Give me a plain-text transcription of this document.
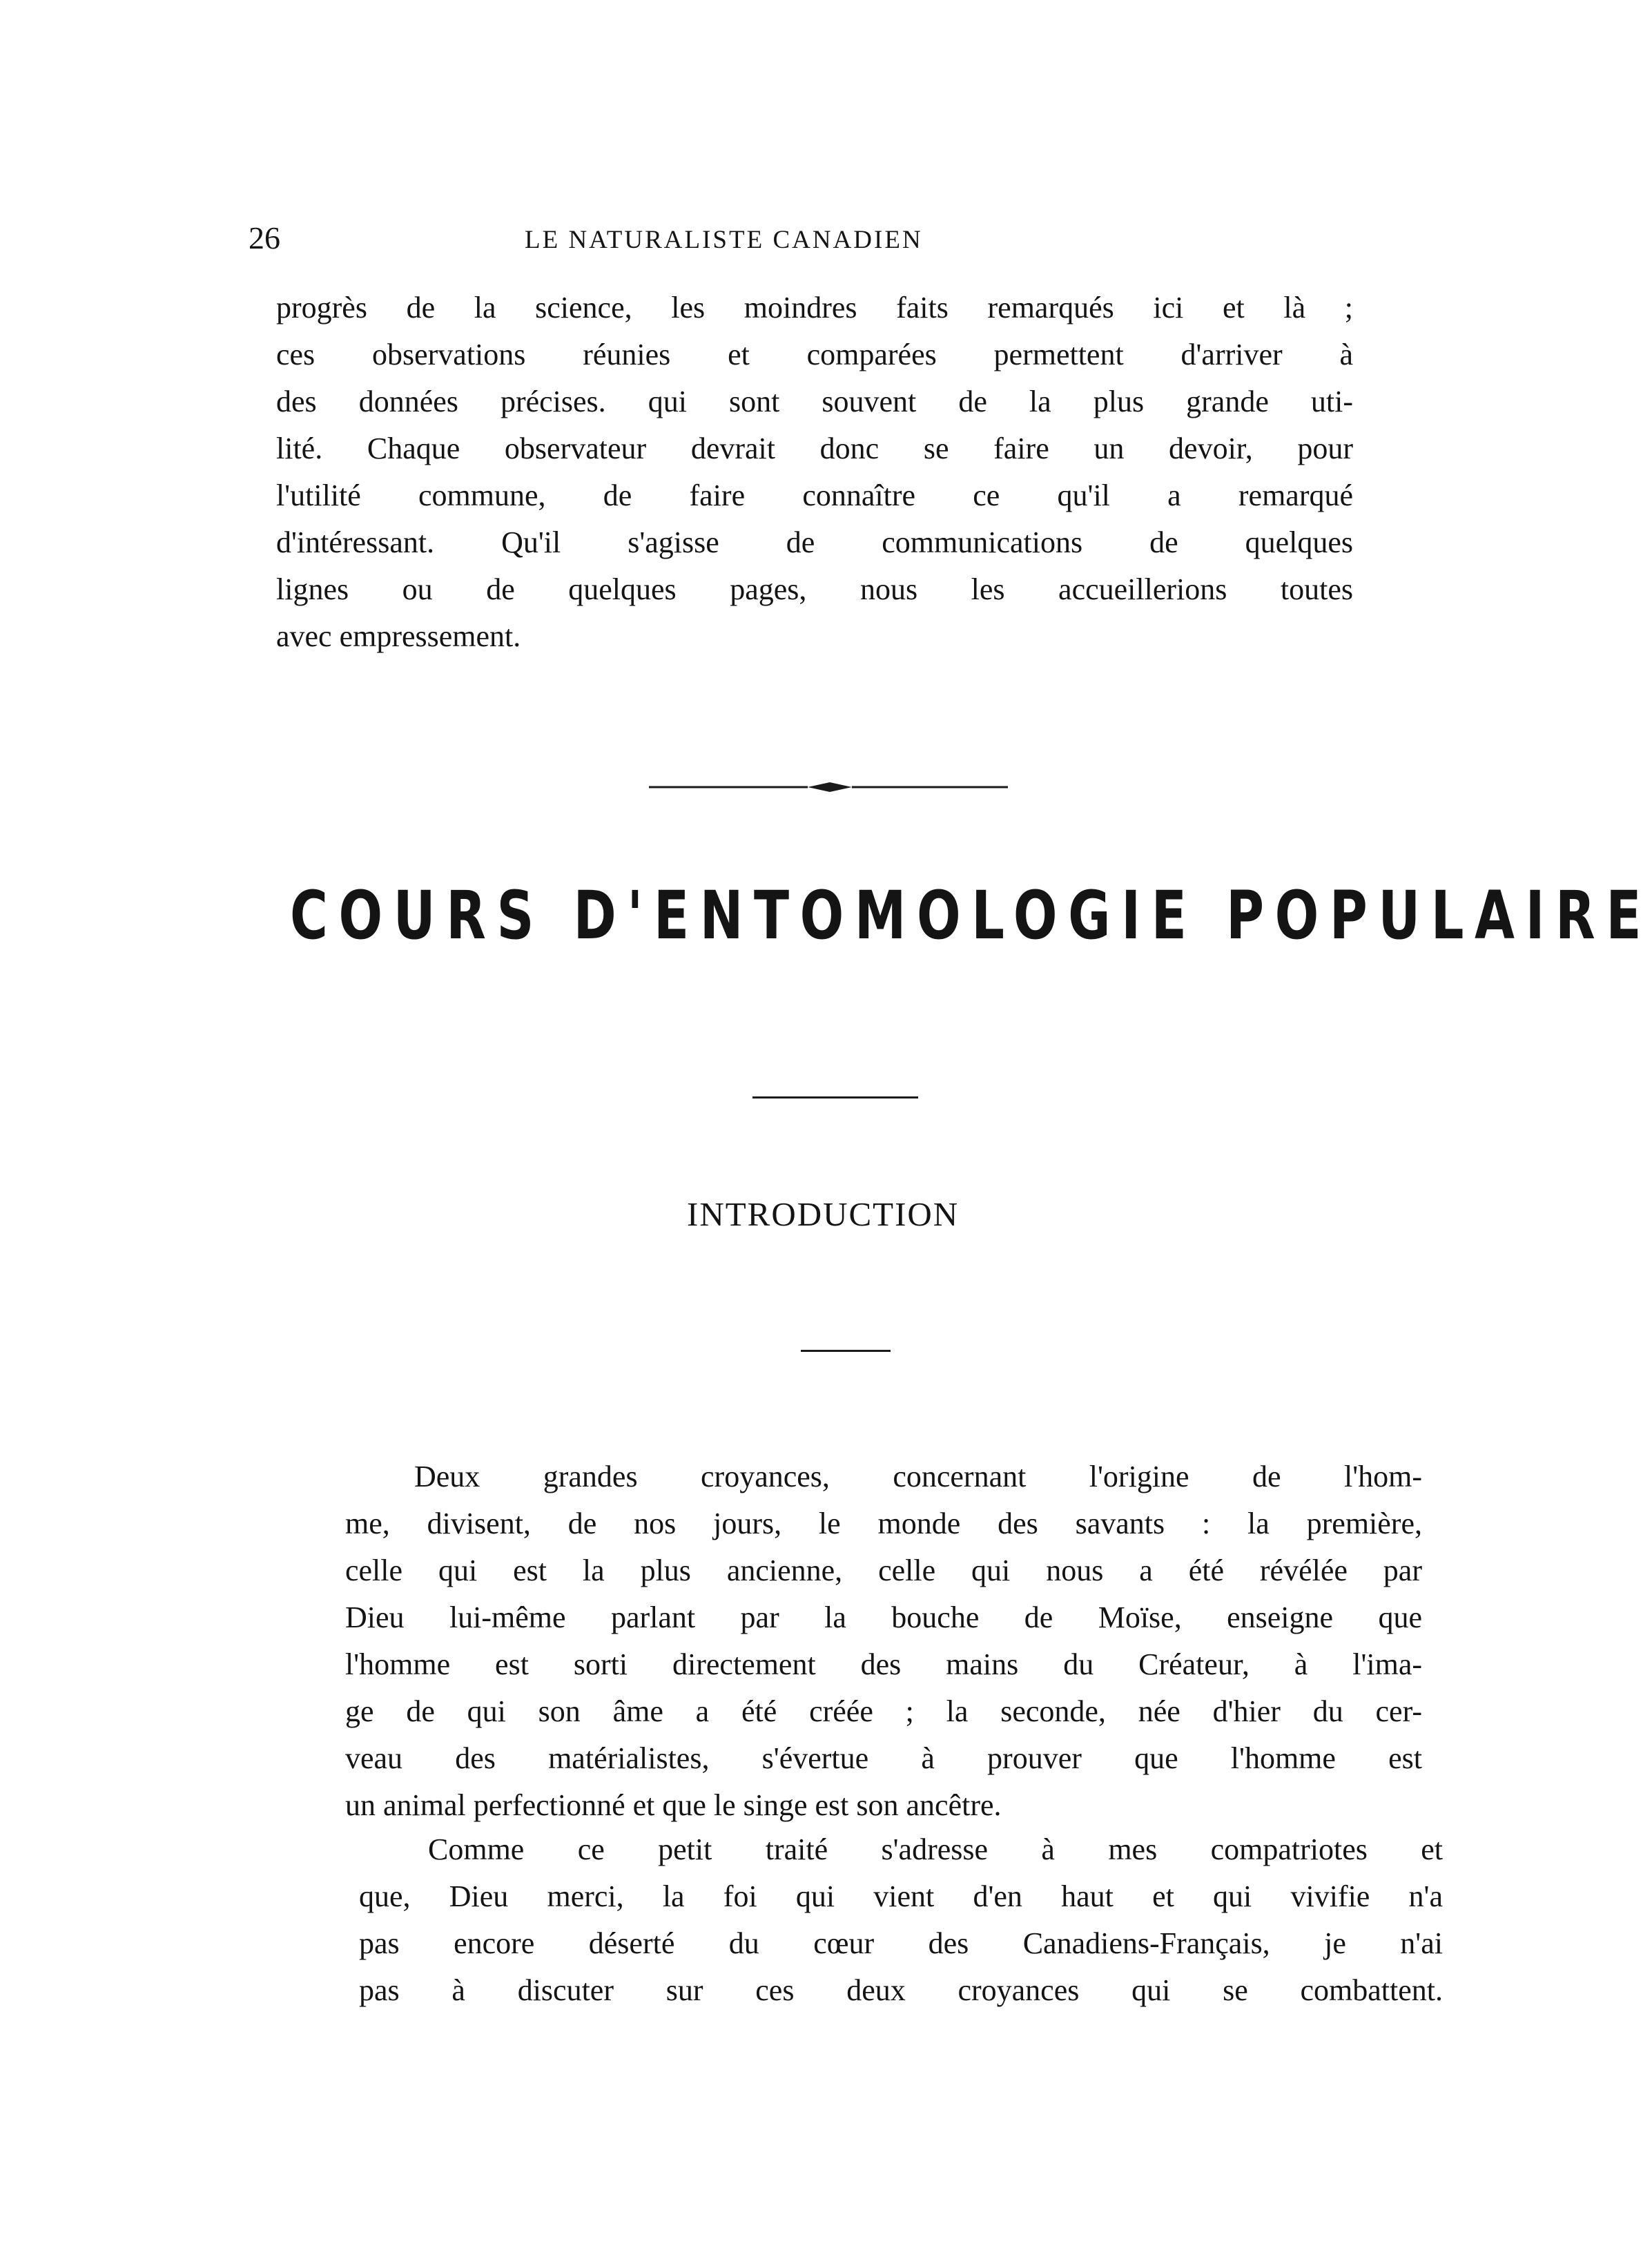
26	LE NATURALISTE CANADIEN
progrès de la science, les moindres faits remarqués ici et là ;
ces observations réunies et comparées permettent d'arriver à
des données précises. qui sont souvent de la plus grande uti-
lité. Chaque observateur devrait donc se faire un devoir, pour
l'utilité commune, de faire connaître ce qu'il a remarqué
d'intéressant. Qu'il s'agisse de communications de quelques
lignes ou de quelques pages, nous les accueillerions toutes
avec empressement.
COURS D'ENTOMOLOGIE POPULAIRE
INTRODUCTION
Deux grandes croyances, concernant l'origine de l'hom-
me, divisent, de nos jours, le monde des savants : la première,
celle qui est la plus ancienne, celle qui nous a été révélée par
Dieu lui-même parlant par la bouche de Moïse, enseigne que
l'homme est sorti directement des mains du Créateur, à l'ima-
ge de qui son âme a été créée ; la seconde, née d'hier du cer-
veau des matérialistes, s'évertue à prouver que l'homme est
un animal perfectionné et que le singe est son ancêtre.
Comme ce petit traité s'adresse à mes compatriotes et
que, Dieu merci, la foi qui vient d'en haut et qui vivifie n'a
pas encore déserté du cœur des Canadiens-Français, je n'ai
pas à discuter sur ces deux croyances qui se combattent.
